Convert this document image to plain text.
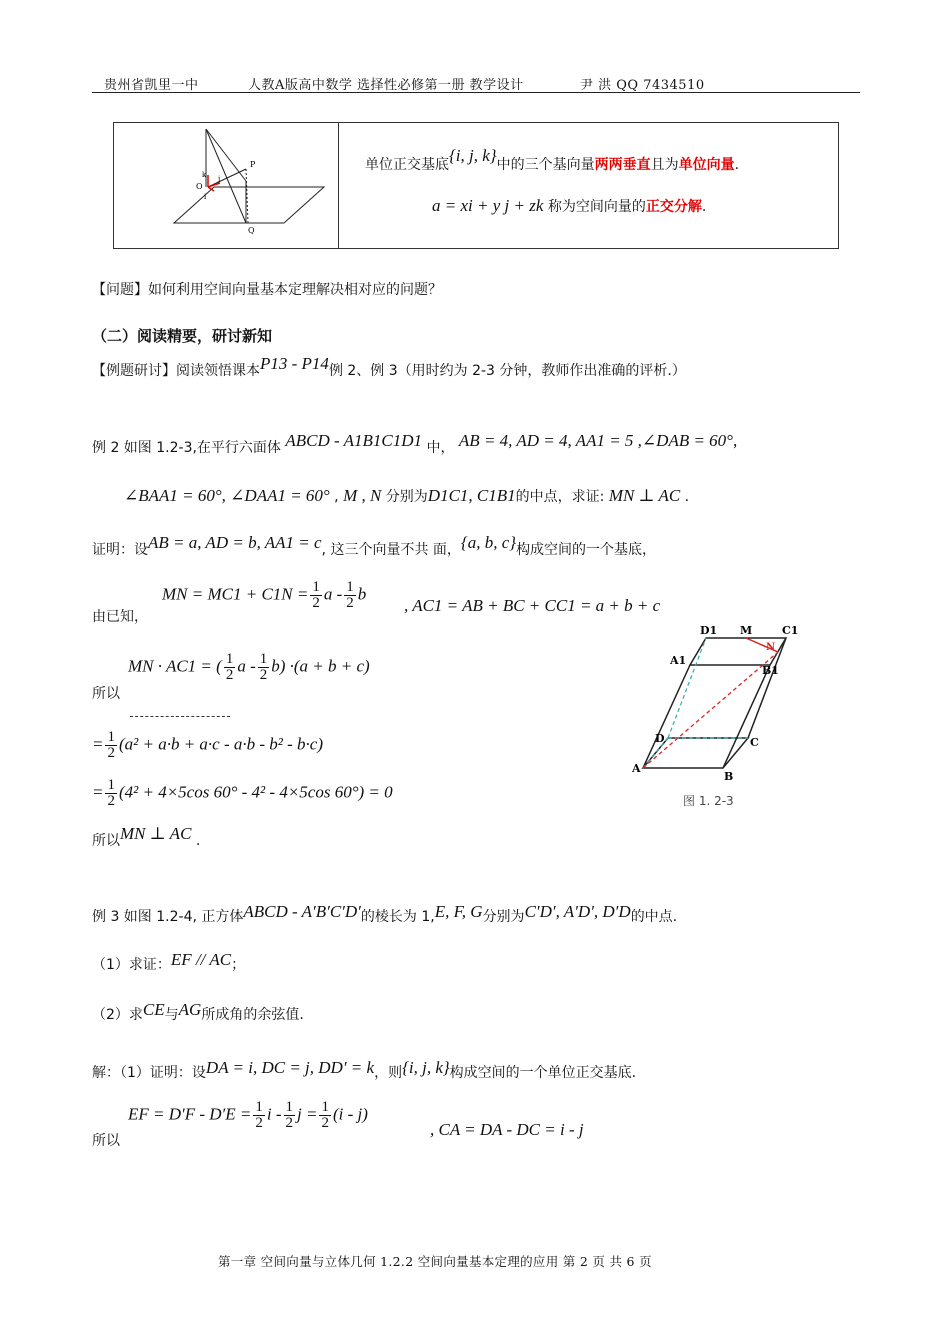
贵州省凯里一中	人教A版高中数学 选择性必修第一册 教学设计	尹 洪 QQ 7434510
P
Q
O
k
i
j
单位正交基底{i, j, k}中的三个基向量两两垂直且为单位向量.
a = xi + y j + zk 称为空间向量的正交分解.
【问题】如何利用空间向量基本定理解决相对应的问题？
（二）阅读精要，研讨新知
【例题研讨】阅读领悟课本P13 - P14例 2、例 3（用时约为 2-3 分钟，教师作出准确的评析.）
例 2 如图 1.2-3,在平行六面体 ABCD - A1B1C1D1 中， AB = 4, AD = 4, AA1 = 5 ,∠DAB = 60°,
∠BAA1 = 60°, ∠DAA1 = 60° , M , N 分别为D1C1, C1B1的中点，求证: MN ⊥ AC .
证明：设AB = a, AD = b, AA1 = c, 这三个向量不共 面，{a, b, c}构成空间的一个基底，
由已知，
MN = $MC1 + C1N = \frac{1}{2}$ a - $\frac{1}{2}$ b
, AC1 = AB + BC + CC1 = a + b + c
所以
MN · AC1 = ( $\frac{1}{2}$ $a - \frac{1}{2} b) \cdot(a + b + c)$
= $\frac{1}{2} (a^2 + a\cdot b + a\cdot c - a\cdot b - b^2 - b\cdot c)$
= $\frac{1}{2} (4^2 + 4\times 5\cos$ 60° - 4² - 4×5cos 60°) = 0
所以MN ⊥ AC .
D1 M	C1
A1
N
B1
D	C
A
B
图 1. 2-3
例 3 如图 1.2-4, 正方体ABCD - A′B′C′D′的棱长为 1,E, F, G分别为C′D′, A′D′, D′D的中点.
（1）求证：EF // AC；
（2）求CE与AG所成角的余弦值.
解：（1）证明：设DA = i, DC = j, DD′ = k，则{i, j, k}构成空间的一个单位正交基底.
所以
EF = $D'F - D'E = \frac{1}{2}$ i - $\frac{1}{2}$ $j = \frac{1}{2} (i - j)$
, CA = DA - DC = i - j
第一章 空间向量与立体几何 1.2.2 空间向量基本定理的应用 第 2 页 共 6 页
